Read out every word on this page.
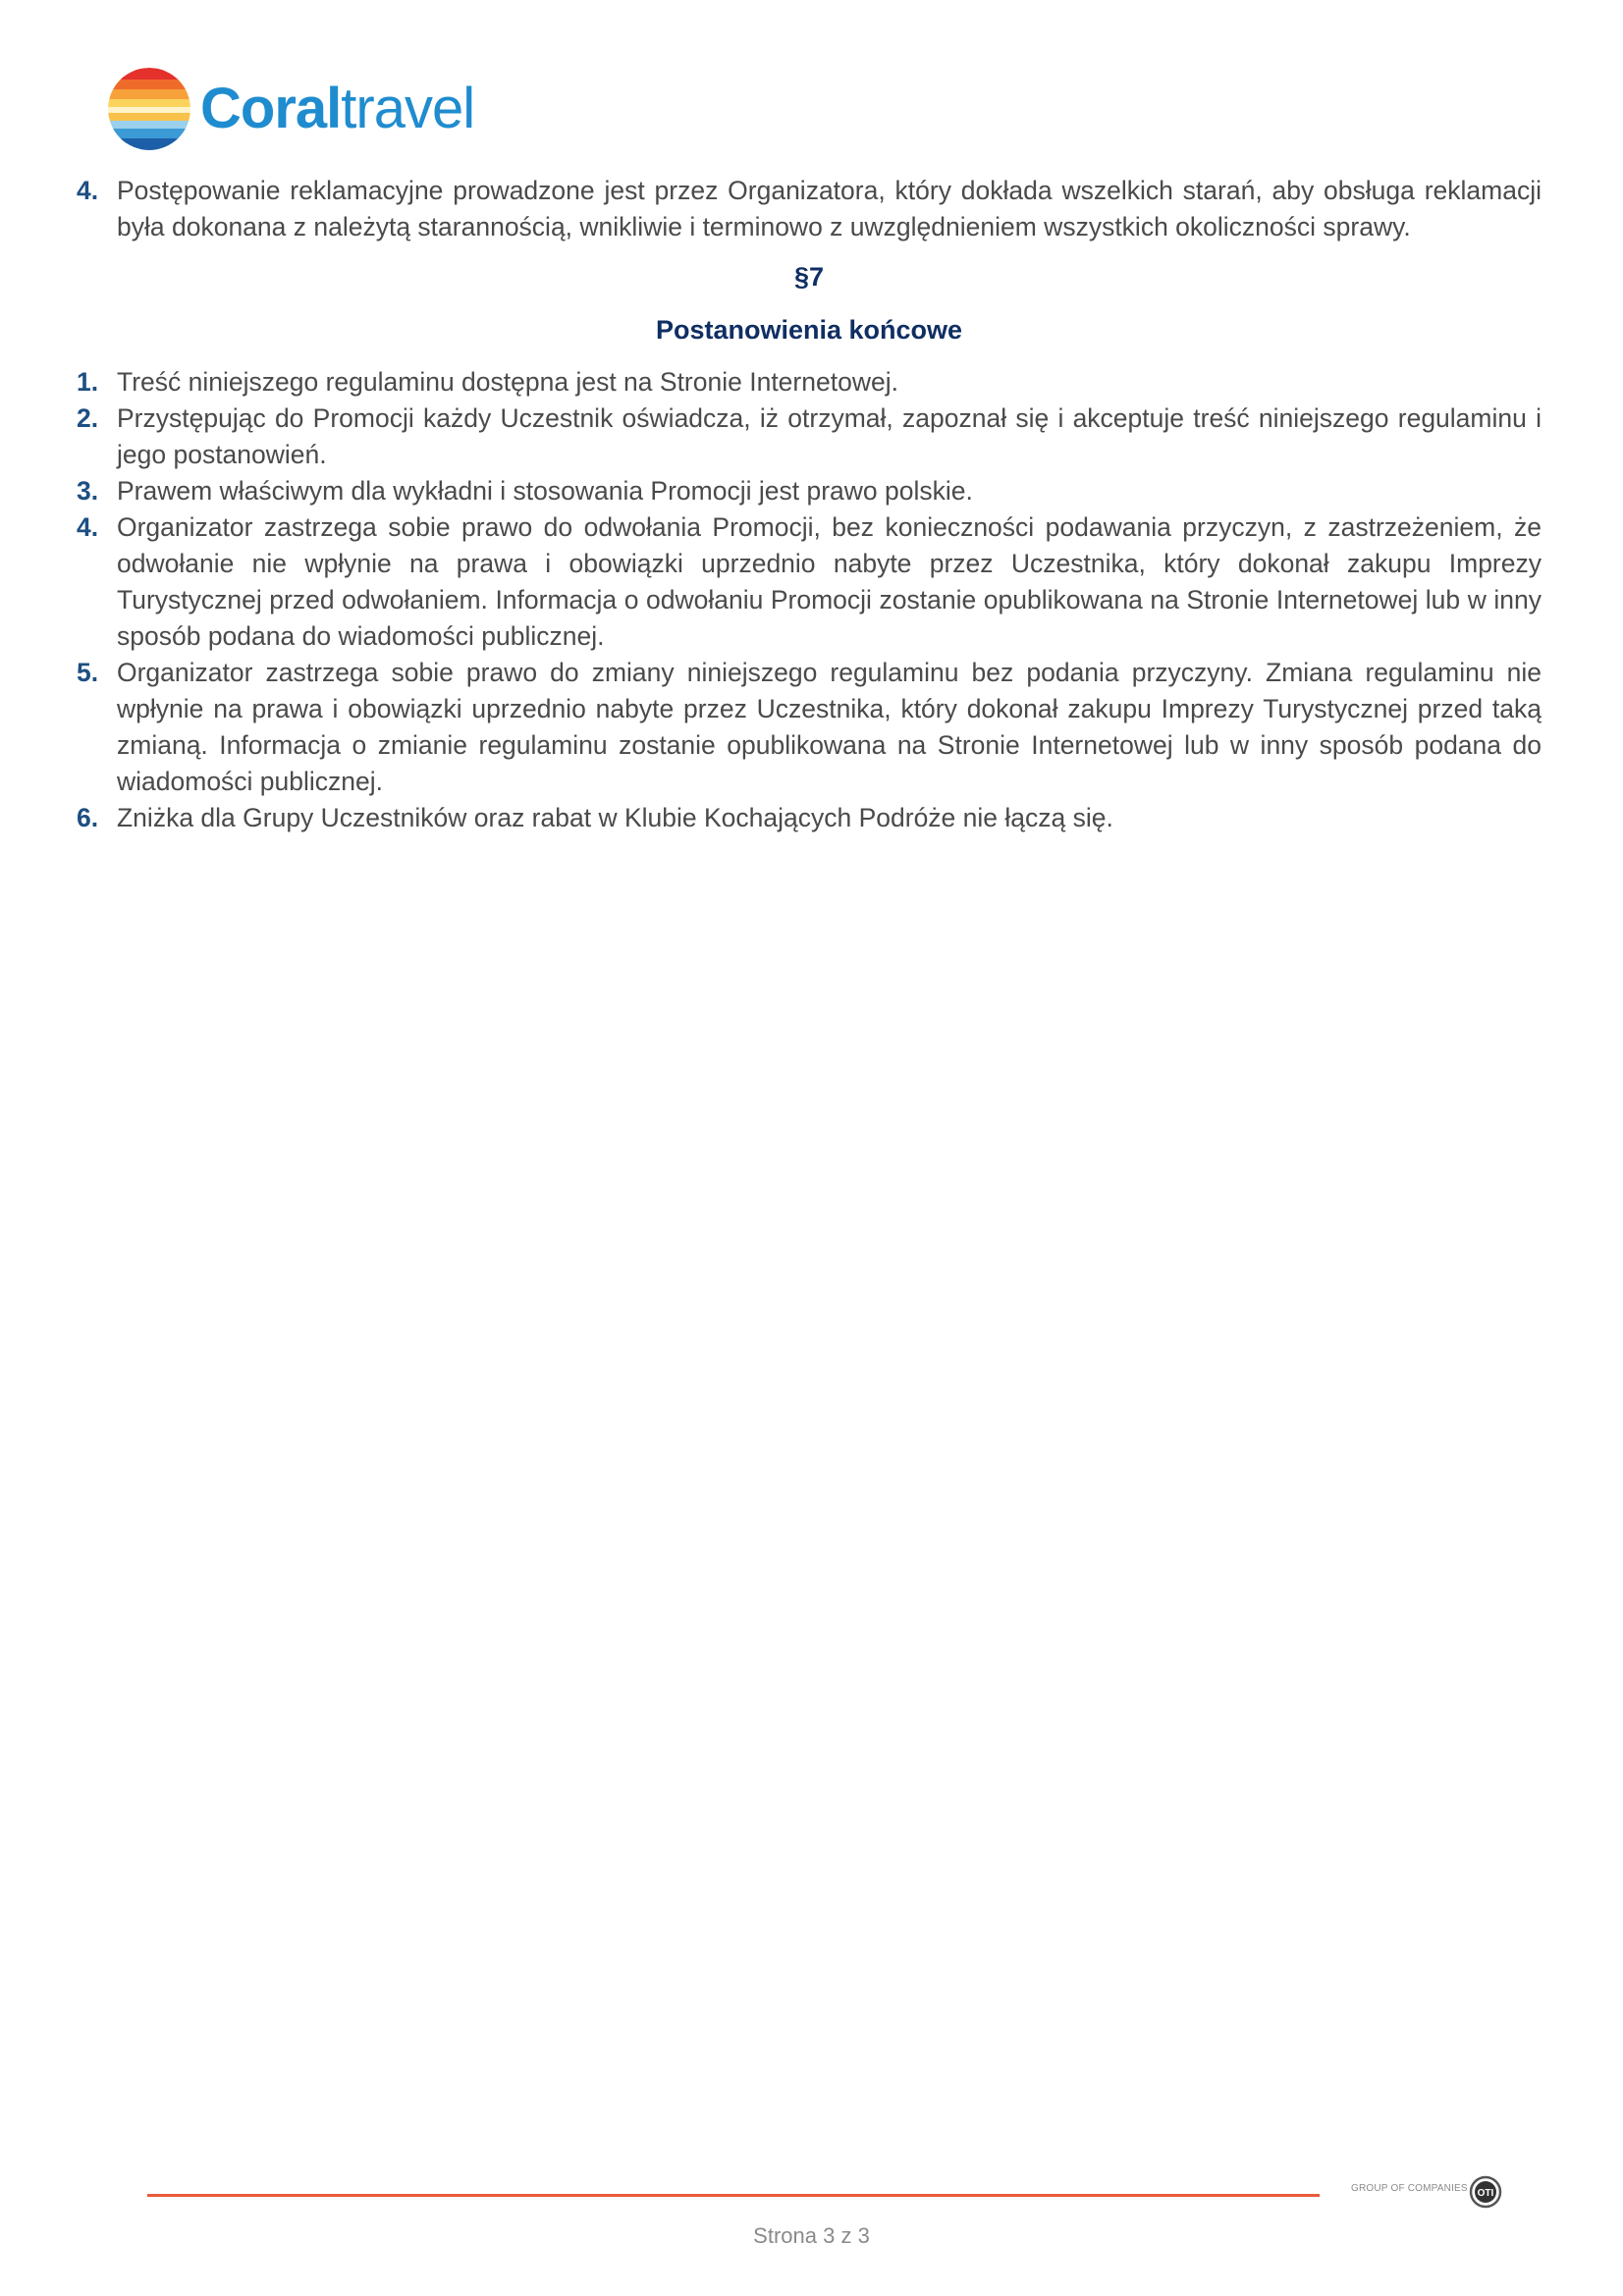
Coraltravel
4. Postępowanie reklamacyjne prowadzone jest przez Organizatora, który dokłada wszelkich starań, aby obsługa reklamacji była dokonana z należytą starannością, wnikliwie i terminowo z uwzględnieniem wszystkich okoliczności sprawy.
§7
Postanowienia końcowe
1. Treść niniejszego regulaminu dostępna jest na Stronie Internetowej.
2. Przystępując do Promocji każdy Uczestnik oświadcza, iż otrzymał, zapoznał się i akceptuje treść niniejszego regulaminu i jego postanowień.
3. Prawem właściwym dla wykładni i stosowania Promocji jest prawo polskie.
4. Organizator zastrzega sobie prawo do odwołania Promocji, bez konieczności podawania przyczyn, z zastrzeżeniem, że odwołanie nie wpłynie na prawa i obowiązki uprzednio nabyte przez Uczestnika, który dokonał zakupu Imprezy Turystycznej przed odwołaniem. Informacja o odwołaniu Promocji zostanie opublikowana na Stronie Internetowej lub w inny sposób podana do wiadomości publicznej.
5. Organizator zastrzega sobie prawo do zmiany niniejszego regulaminu bez podania przyczyny. Zmiana regulaminu nie wpłynie na prawa i obowiązki uprzednio nabyte przez Uczestnika, który dokonał zakupu Imprezy Turystycznej przed taką zmianą. Informacja o zmianie regulaminu zostanie opublikowana na Stronie Internetowej lub w inny sposób podana do wiadomości publicznej.
6. Zniżka dla Grupy Uczestników oraz rabat w Klubie Kochających Podróże nie łączą się.
GROUP OF COMPANIES OTI
Strona 3 z 3
